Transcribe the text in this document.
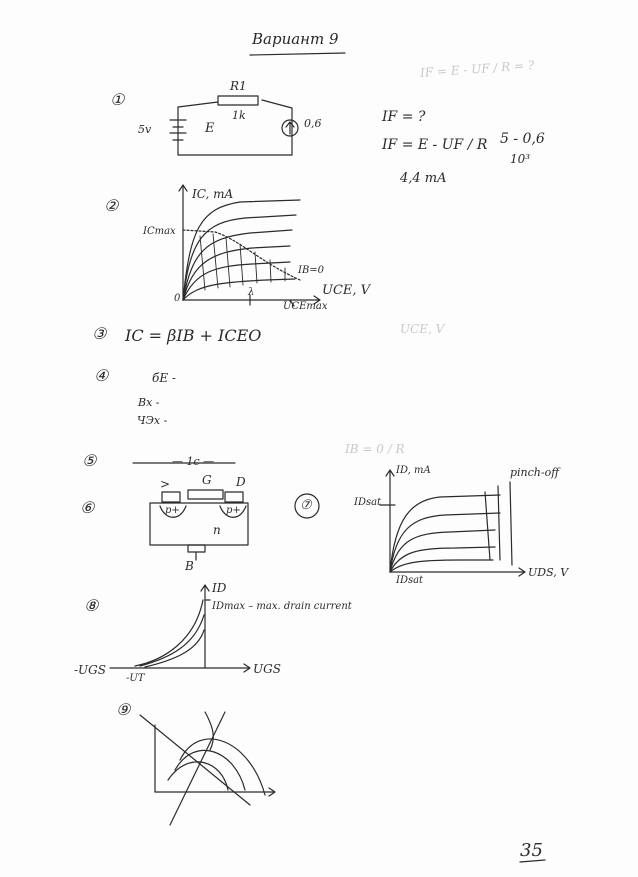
IF = E - UF / R = ?
UCE, V
IB = 0 / R
Вариант 9
①
R1
1k
5v	E	0,6	IF = ?
IF = E - UF / R 5 - 0,6
10³
4,4 mA
②
IC, mA
ICmax
IB=0
UCE, V
0
λ
UCEmax
③ IC = βIB + ICEO
④	бЕ -
Bx -
ЧЭх -
⑤	— 1с —
⑥
G D
>
p+	p+
n
B
⑦
ID, mA
IDsat
IDsat
UDS, V
pinch-off
⑧
ID
IDmax – max. drain current
-UGS
-UT
UGS
⑨
35
